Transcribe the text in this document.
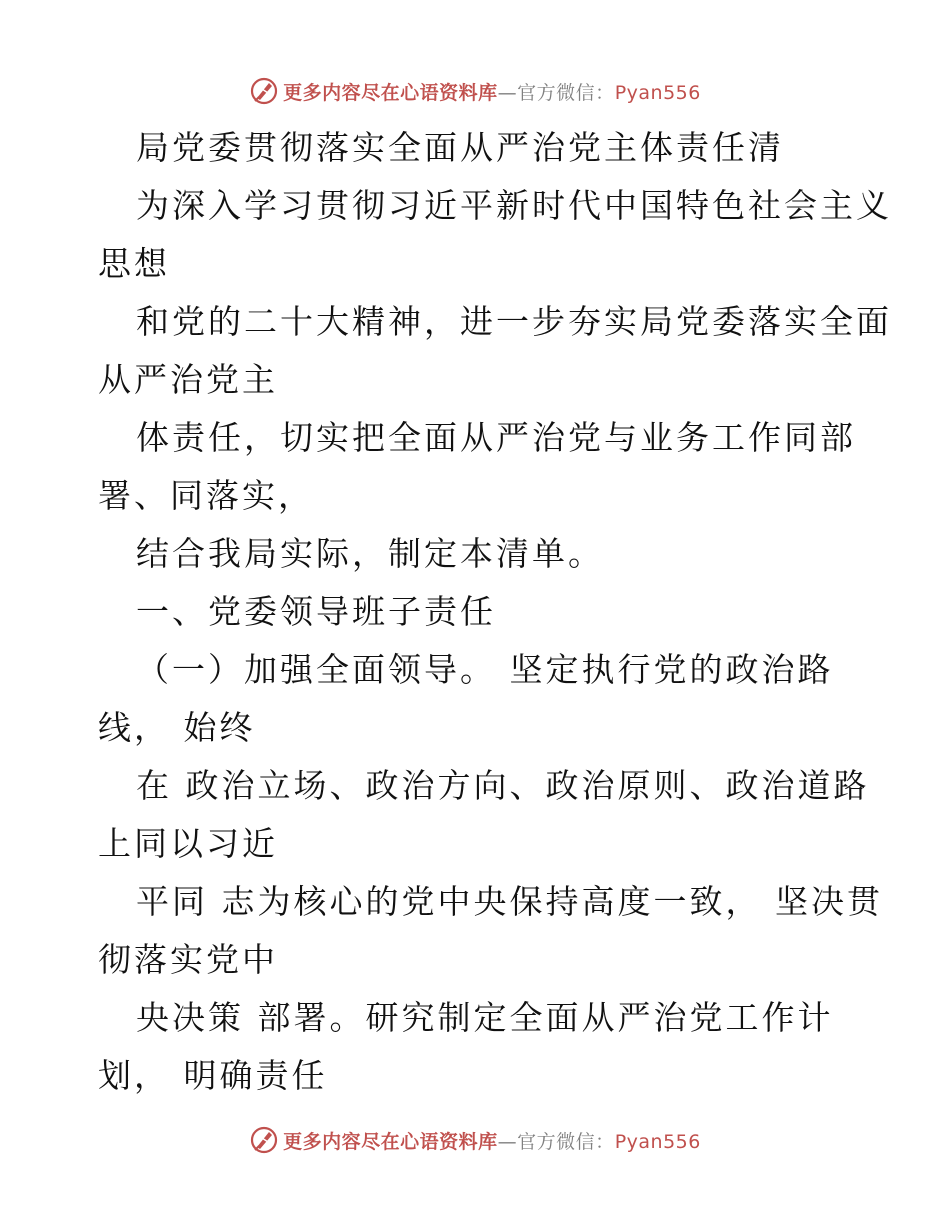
更多内容尽在心语资料库—官方微信：Pyan556
局党委贯彻落实全面从严治党主体责任清
为深入学习贯彻习近平新时代中国特色社会主义
思想
和党的二十大精神，进一步夯实局党委落实全面
从严治党主
体责任，切实把全面从严治党与业务工作同部
署、同落实，
结合我局实际，制定本清单。
一、党委领导班子责任
（一）加强全面领导。 坚定执行党的政治路
线， 始终
在 政治立场、政治方向、政治原则、政治道路
上同以习近
平同 志为核心的党中央保持高度一致， 坚决贯
彻落实党中
央决策 部署。研究制定全面从严治党工作计
划， 明确责任
更多内容尽在心语资料库—官方微信：Pyan556
